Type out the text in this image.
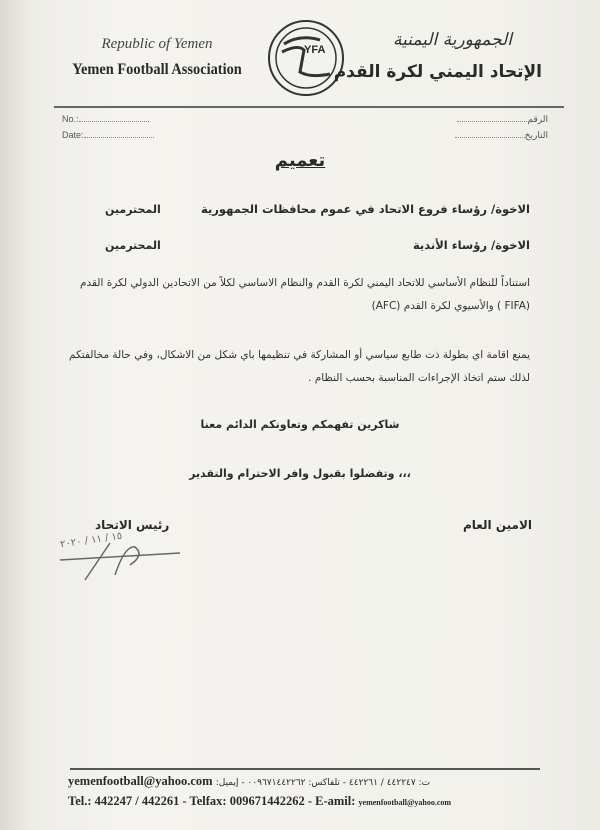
Republic of Yemen
Yemen Football Association
YFA	الجمهورية اليمنية
الإتحاد اليمني لكرة القدم
No.:
Date:
الرقم
التاريخ
تعميم
الاخوة/ رؤساء فروع الاتحاد في عموم محافظات الجمهورية
المحترمين
الاخوة/ رؤساء الأندية
المحترمين
استناداً للنظام الأساسي للاتحاد اليمني لكرة القدم والنظام الاساسي لكلاً من الاتحادين الدولي لكرة القدم (FIFA ) والأسيوي لكرة القدم (AFC)
يمنع اقامة اي بطولة ذت طابع سياسي أو المشاركة في تنظيمها باي شكل من الاشكال، وفي حالة مخالفتكم لذلك ستم اتخاذ الإجراءات المناسبة بحسب النظام .
شاكرين تفهمكم وتعاونكم الدائم معنا
وتفضلوا بقبول وافر الاحترام والتقدير ،،،
رئيس الاتحاد	الامين العام
١٥ / ١١ / ٢٠٢٠
yemenfootball@yahoo.com ت: ٤٤٢٢٤٧ / ٤٤٢٢٦١ - تلفاكس: ٠٠٩٦٧١٤٤٢٢٦٢ - إيميل:
Tel.: 442247 / 442261 - Telfax: 009671442262 - E-amil: yemenfootball@yahoo.com
